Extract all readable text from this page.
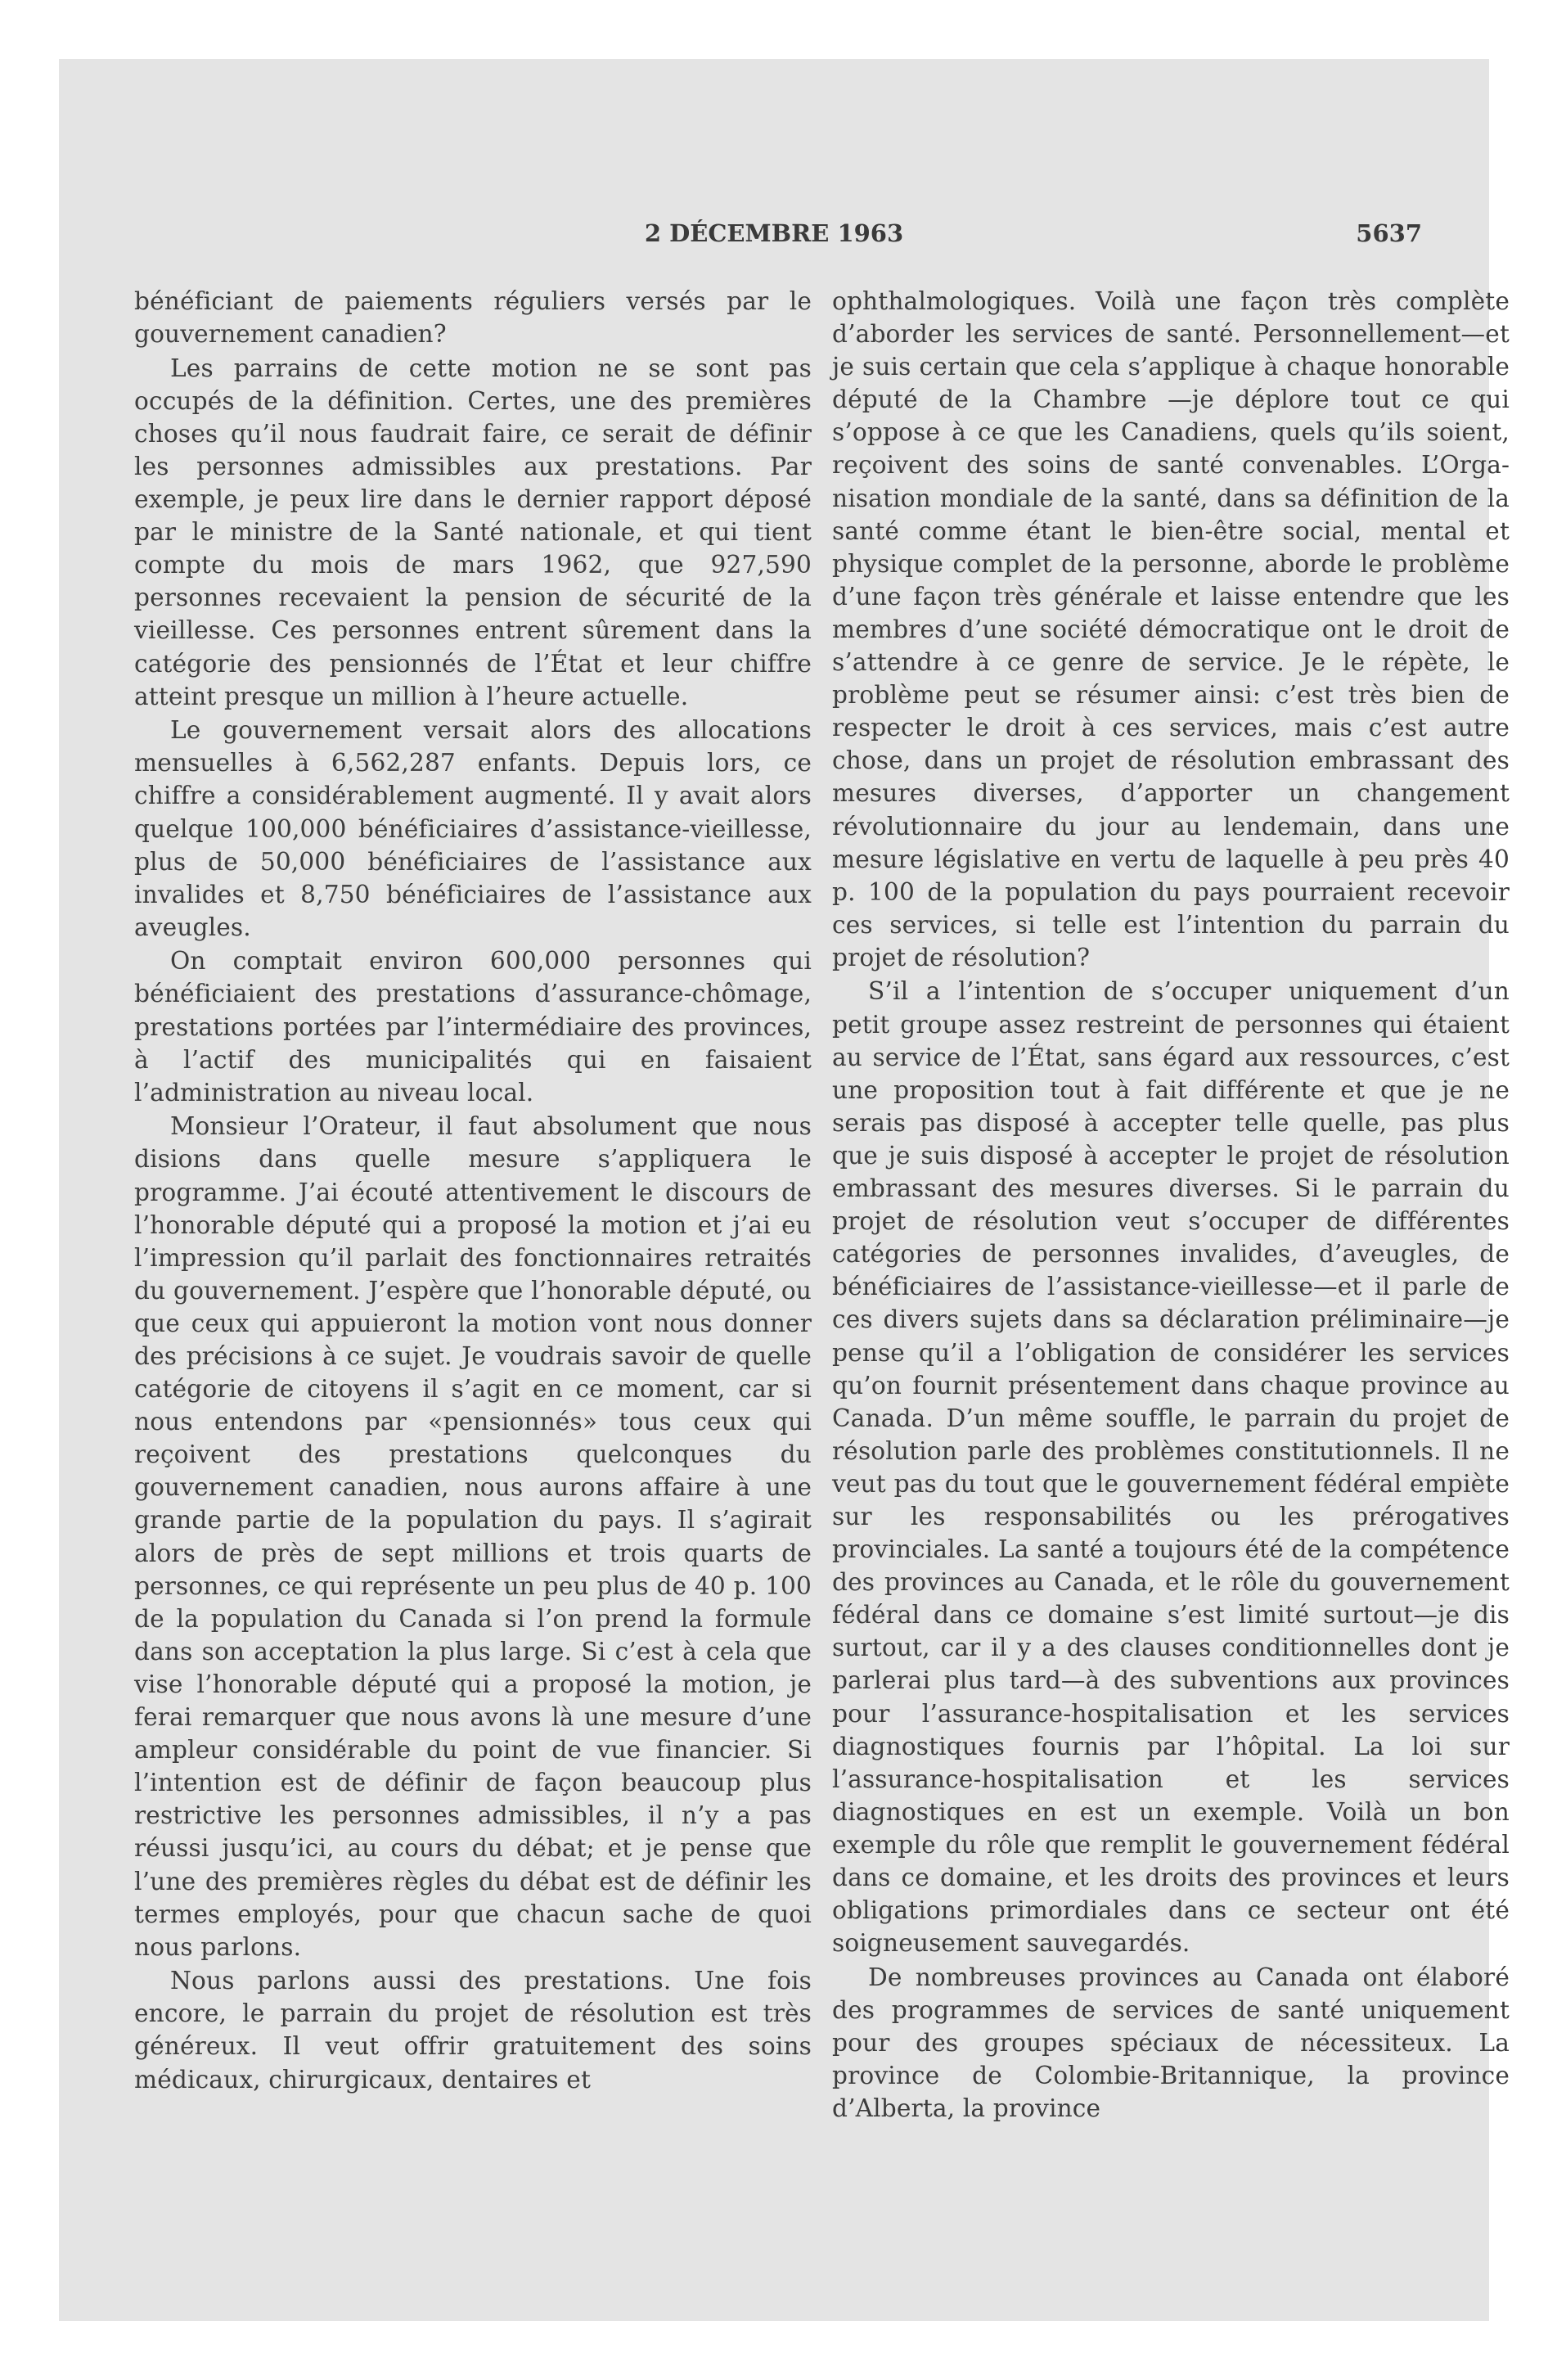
2 DÉCEMBRE 1963	5637

bénéficiant de paiements réguliers versés par le gouvernement canadien?

Les parrains de cette motion ne se sont pas occupés de la définition. Certes, une des premières choses qu’il nous faudrait faire, ce serait de définir les personnes admissibles aux prestations. Par exemple, je peux lire dans le dernier rapport déposé par le ministre de la Santé nationale, et qui tient compte du mois de mars 1962, que 927,590 personnes recevaient la pension de sécurité de la vieillesse. Ces personnes entrent sûrement dans la catégorie des pensionnés de l’État et leur chiffre atteint presque un million à l’heure actuelle.

Le gouvernement versait alors des allocations mensuelles à 6,562,287 enfants. Depuis lors, ce chiffre a considérablement augmenté. Il y avait alors quelque 100,000 bénéficiaires d’assistance-vieillesse, plus de 50,000 bénéficiaires de l’assistance aux invalides et 8,750 bénéficiaires de l’assistance aux aveugles.

On comptait environ 600,000 personnes qui bénéficiaient des prestations d’assurance-chômage, prestations portées par l’intermédiaire des provinces, à l’actif des municipalités qui en faisaient l’administration au niveau local.

Monsieur l’Orateur, il faut absolument que nous disions dans quelle mesure s’appliquera le programme. J’ai écouté attentivement le discours de l’honorable député qui a proposé la motion et j’ai eu l’impression qu’il parlait des fonctionnaires retraités du gouvernement. J’espère que l’honorable député, ou que ceux qui appuieront la motion vont nous donner des précisions à ce sujet. Je voudrais savoir de quelle catégorie de citoyens il s’agit en ce moment, car si nous entendons par «pensionnés» tous ceux qui reçoivent des prestations quelconques du gouvernement canadien, nous aurons affaire à une grande partie de la population du pays. Il s’agirait alors de près de sept millions et trois quarts de personnes, ce qui représente un peu plus de 40 p. 100 de la population du Canada si l’on prend la formule dans son acceptation la plus large. Si c’est à cela que vise l’honorable député qui a proposé la motion, je ferai remarquer que nous avons là une mesure d’une ampleur considérable du point de vue financier. Si l’intention est de définir de façon beaucoup plus restrictive les personnes admissibles, il n’y a pas réussi jusqu’ici, au cours du débat; et je pense que l’une des premières règles du débat est de définir les termes employés, pour que chacun sache de quoi nous parlons.

Nous parlons aussi des prestations. Une fois encore, le parrain du projet de résolution est très généreux. Il veut offrir gratuitement des soins médicaux, chirurgicaux, dentaires et

ophthalmologiques. Voilà une façon très complète d’aborder les services de santé. Personnellement—et je suis certain que cela s’applique à chaque honorable député de la Chambre —je déplore tout ce qui s’oppose à ce que les Canadiens, quels qu’ils soient, reçoivent des soins de santé convenables. L’Organisation mondiale de la santé, dans sa définition de la santé comme étant le bien-être social, mental et physique complet de la personne, aborde le problème d’une façon très générale et laisse entendre que les membres d’une société démocratique ont le droit de s’attendre à ce genre de service. Je le répète, le problème peut se résumer ainsi: c’est très bien de respecter le droit à ces services, mais c’est autre chose, dans un projet de résolution embrassant des mesures diverses, d’apporter un changement révolutionnaire du jour au lendemain, dans une mesure législative en vertu de laquelle à peu près 40 p. 100 de la population du pays pourraient recevoir ces services, si telle est l’intention du parrain du projet de résolution?

S’il a l’intention de s’occuper uniquement d’un petit groupe assez restreint de personnes qui étaient au service de l’État, sans égard aux ressources, c’est une proposition tout à fait différente et que je ne serais pas disposé à accepter telle quelle, pas plus que je suis disposé à accepter le projet de résolution embrassant des mesures diverses. Si le parrain du projet de résolution veut s’occuper de différentes catégories de personnes invalides, d’aveugles, de bénéficiaires de l’assistance-vieillesse—et il parle de ces divers sujets dans sa déclaration préliminaire—je pense qu’il a l’obligation de considérer les services qu’on fournit présentement dans chaque province au Canada. D’un même souffle, le parrain du projet de résolution parle des problèmes constitutionnels. Il ne veut pas du tout que le gouvernement fédéral empiète sur les responsabilités ou les prérogatives provinciales. La santé a toujours été de la compétence des provinces au Canada, et le rôle du gouvernement fédéral dans ce domaine s’est limité surtout—je dis surtout, car il y a des clauses conditionnelles dont je parlerai plus tard—à des subventions aux provinces pour l’assurance-hospitalisation et les services diagnostiques fournis par l’hôpital. La loi sur l’assurance-hospitalisation et les services diagnostiques en est un exemple. Voilà un bon exemple du rôle que remplit le gouvernement fédéral dans ce domaine, et les droits des provinces et leurs obligations primordiales dans ce secteur ont été soigneusement sauvegardés.

De nombreuses provinces au Canada ont élaboré des programmes de services de santé uniquement pour des groupes spéciaux de nécessiteux. La province de Colombie-Britannique, la province d’Alberta, la province
